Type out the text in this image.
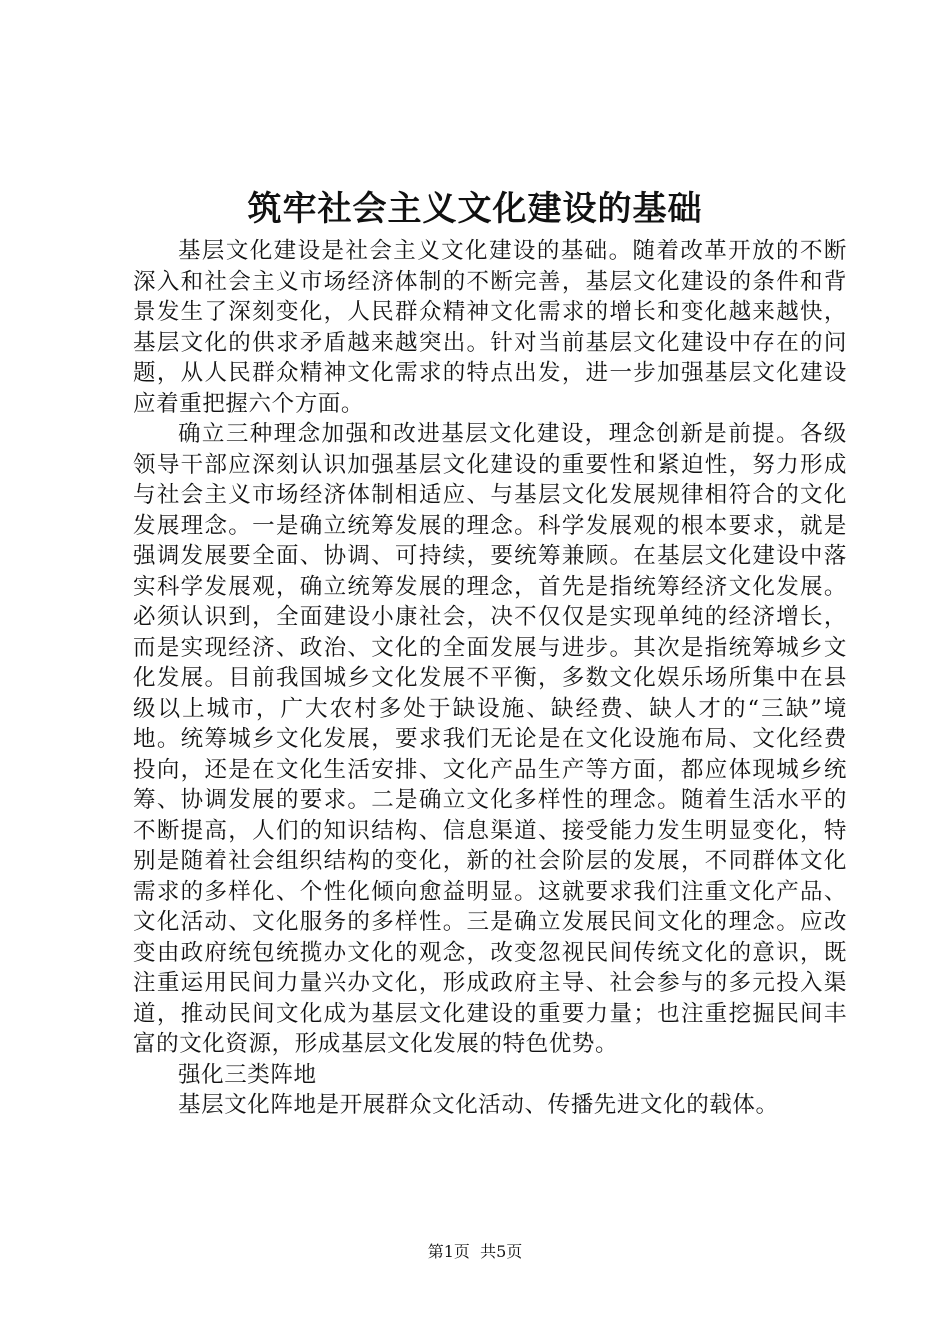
筑牢社会主义文化建设的基础

基层文化建设是社会主义文化建设的基础。随着改革开放的不断深入和社会主义市场经济体制的不断完善，基层文化建设的条件和背景发生了深刻变化，人民群众精神文化需求的增长和变化越来越快，基层文化的供求矛盾越来越突出。针对当前基层文化建设中存在的问题，从人民群众精神文化需求的特点出发，进一步加强基层文化建设应着重把握六个方面。

确立三种理念加强和改进基层文化建设，理念创新是前提。各级领导干部应深刻认识加强基层文化建设的重要性和紧迫性，努力形成与社会主义市场经济体制相适应、与基层文化发展规律相符合的文化发展理念。一是确立统筹发展的理念。科学发展观的根本要求，就是强调发展要全面、协调、可持续，要统筹兼顾。在基层文化建设中落实科学发展观，确立统筹发展的理念，首先是指统筹经济文化发展。必须认识到，全面建设小康社会，决不仅仅是实现单纯的经济增长，而是实现经济、政治、文化的全面发展与进步。其次是指统筹城乡文化发展。目前我国城乡文化发展不平衡，多数文化娱乐场所集中在县级以上城市，广大农村多处于缺设施、缺经费、缺人才的“三缺”境地。统筹城乡文化发展，要求我们无论是在文化设施布局、文化经费投向，还是在文化生活安排、文化产品生产等方面，都应体现城乡统筹、协调发展的要求。二是确立文化多样性的理念。随着生活水平的不断提高，人们的知识结构、信息渠道、接受能力发生明显变化，特别是随着社会组织结构的变化，新的社会阶层的发展，不同群体文化需求的多样化、个性化倾向愈益明显。这就要求我们注重文化产品、文化活动、文化服务的多样性。三是确立发展民间文化的理念。应改变由政府统包统揽办文化的观念，改变忽视民间传统文化的意识，既注重运用民间力量兴办文化，形成政府主导、社会参与的多元投入渠道，推动民间文化成为基层文化建设的重要力量；也注重挖掘民间丰富的文化资源，形成基层文化发展的特色优势。

强化三类阵地

基层文化阵地是开展群众文化活动、传播先进文化的载体。

第1页  共5页
